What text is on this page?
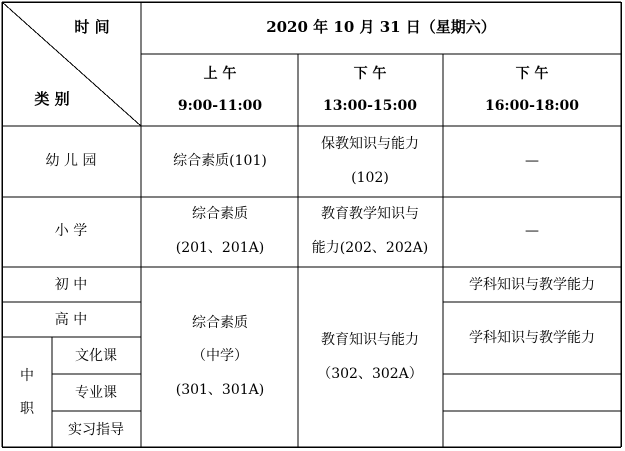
时 间
类 别
2020 年 10 月 31 日（星期六）
上 午
9:00-11:00
下 午
13:00-15:00
下 午
16:00-18:00
幼 儿 园
小 学
初 中
高 中
中
职
文化课
专业课
实习指导
综合素质(101)
保教知识与能力
(102)
—
综合素质
(201、201A)
教育教学知识与
能力(202、202A)
—
综合素质
（中学）
(301、301A)
教育知识与能力
（302、302A）
学科知识与教学能力
学科知识与教学能力
